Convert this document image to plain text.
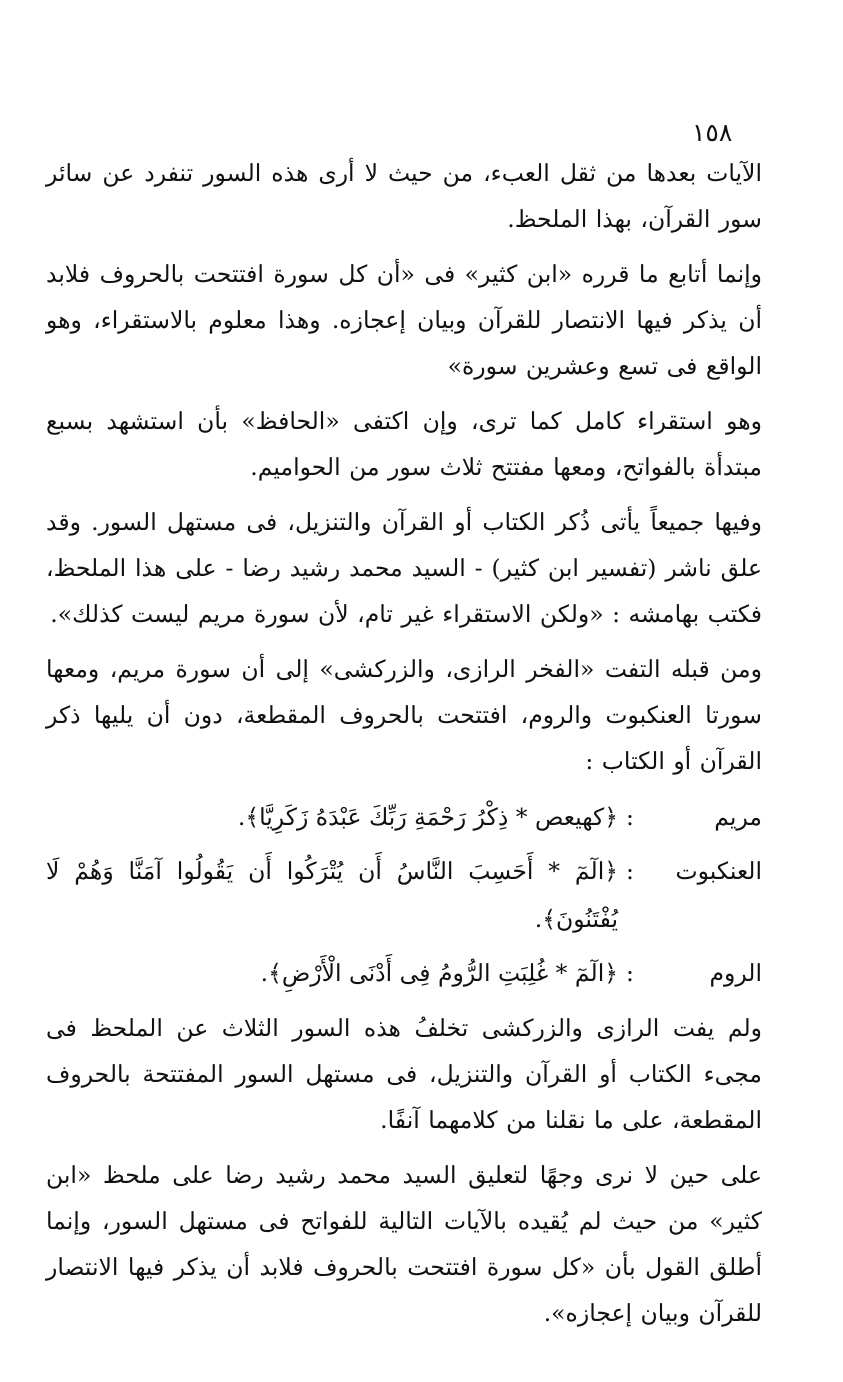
١٥٨

الآيات بعدها من ثقل العبء، من حيث لا أرى هذه السور تنفرد عن سائر سور القرآن، بهذا الملحظ.

وإنما أتابع ما قرره «ابن كثير» فى «أن كل سورة افتتحت بالحروف فلابد أن يذكر فيها الانتصار للقرآن وبيان إعجازه. وهذا معلوم بالاستقراء، وهو الواقع فى تسع وعشرين سورة»

وهو استقراء كامل كما ترى، وإن اكتفى «الحافظ» بأن استشهد بسبع مبتدأة بالفواتح، ومعها مفتتح ثلاث سور من الحواميم.

وفيها جميعاً يأتى ذُكر الكتاب أو القرآن والتنزيل، فى مستهل السور. وقد علق ناشر (تفسير ابن كثير) - السيد محمد رشيد رضا - على هذا الملحظ، فكتب بهامشه : «ولكن الاستقراء غير تام، لأن سورة مريم ليست كذلك».

ومن قبله التفت «الفخر الرازى، والزركشى» إلى أن سورة مريم، ومعها سورتا العنكبوت والروم، افتتحت بالحروف المقطعة، دون أن يليها ذكر القرآن أو الكتاب :

مريم
:
﴿كهيعص * ذِكْرُ رَحْمَةِ رَبِّكَ عَبْدَهُ زَكَرِيَّا﴾.
العنكبوت
:
﴿الٓمٓ * أَحَسِبَ النَّاسُ أَن يُتْرَكُوا أَن يَقُولُوا آمَنَّا وَهُمْ لَا يُفْتَنُونَ﴾.
الروم
:
﴿الٓمٓ * غُلِبَتِ الرُّومُ فِى أَدْنَى الْأَرْضِ﴾.

ولم يفت الرازى والزركشى تخلفُ هذه السور الثلاث عن الملحظ فى مجىء الكتاب أو القرآن والتنزيل، فى مستهل السور المفتتحة بالحروف المقطعة، على ما نقلنا من كلامهما آنفًا.

على حين لا نرى وجهًا لتعليق السيد محمد رشيد رضا على ملحظ «ابن كثير» من حيث لم يُقيده بالآيات التالية للفواتح فى مستهل السور، وإنما أطلق القول بأن «كل سورة افتتحت بالحروف فلابد أن يذكر فيها الانتصار للقرآن وبيان إعجازه».
